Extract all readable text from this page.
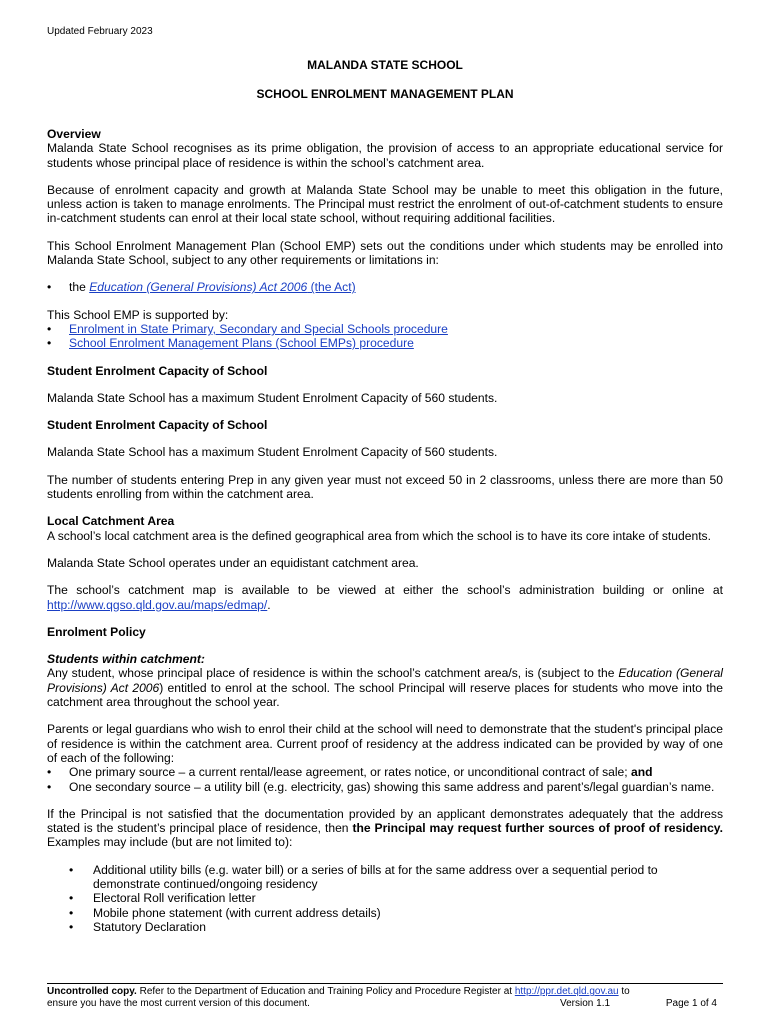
Updated February 2023
MALANDA STATE SCHOOL
SCHOOL ENROLMENT MANAGEMENT PLAN
Overview

Malanda State School recognises as its prime obligation, the provision of access to an appropriate educational service for students whose principal place of residence is within the school’s catchment area.

Because of enrolment capacity and growth at Malanda State School may be unable to meet this obligation in the future, unless action is taken to manage enrolments. The Principal must restrict the enrolment of out-of-catchment students to ensure in-catchment students can enrol at their local state school, without requiring additional facilities.

This School Enrolment Management Plan (School EMP) sets out the conditions under which students may be enrolled into Malanda State School, subject to any other requirements or limitations in:

• the Education (General Provisions) Act 2006 (the Act)
This School EMP is supported by:
• Enrolment in State Primary, Secondary and Special Schools procedure
• School Enrolment Management Plans (School EMPs) procedure
Student Enrolment Capacity of School

Malanda State School has a maximum Student Enrolment Capacity of 560 students.

Student Enrolment Capacity of School

Malanda State School has a maximum Student Enrolment Capacity of 560 students.

The number of students entering Prep in any given year must not exceed 50 in 2 classrooms, unless there are more than 50 students enrolling from within the catchment area.

Local Catchment Area

A school’s local catchment area is the defined geographical area from which the school is to have its core intake of students.

Malanda State School operates under an equidistant catchment area.

The school’s catchment map is available to be viewed at either the school’s administration building or online at http://www.qgso.qld.gov.au/maps/edmap/.

Enrolment Policy
Students within catchment:

Any student, whose principal place of residence is within the school’s catchment area/s, is (subject to the Education (General Provisions) Act 2006) entitled to enrol at the school. The school Principal will reserve places for students who move into the catchment area throughout the school year.

Parents or legal guardians who wish to enrol their child at the school will need to demonstrate that the student's principal place of residence is within the catchment area. Current proof of residency at the address indicated can be provided by way of one of each of the following:
• One primary source – a current rental/lease agreement, or rates notice, or unconditional contract of sale; and
• One secondary source – a utility bill (e.g. electricity, gas) showing this same address and parent’s/legal guardian’s name.

If the Principal is not satisfied that the documentation provided by an applicant demonstrates adequately that the address stated is the student’s principal place of residence, then the Principal may request further sources of proof of residency. Examples may include (but are not limited to):

• Additional utility bills (e.g. water bill) or a series of bills at for the same address over a sequential period to demonstrate continued/ongoing residency
• Electoral Roll verification letter
• Mobile phone statement (with current address details)
• Statutory Declaration
Uncontrolled copy. Refer to the Department of Education and Training Policy and Procedure Register at http://ppr.det.qld.gov.au to
ensure you have the most current version of this document.	Version 1.1	Page 1 of 4
